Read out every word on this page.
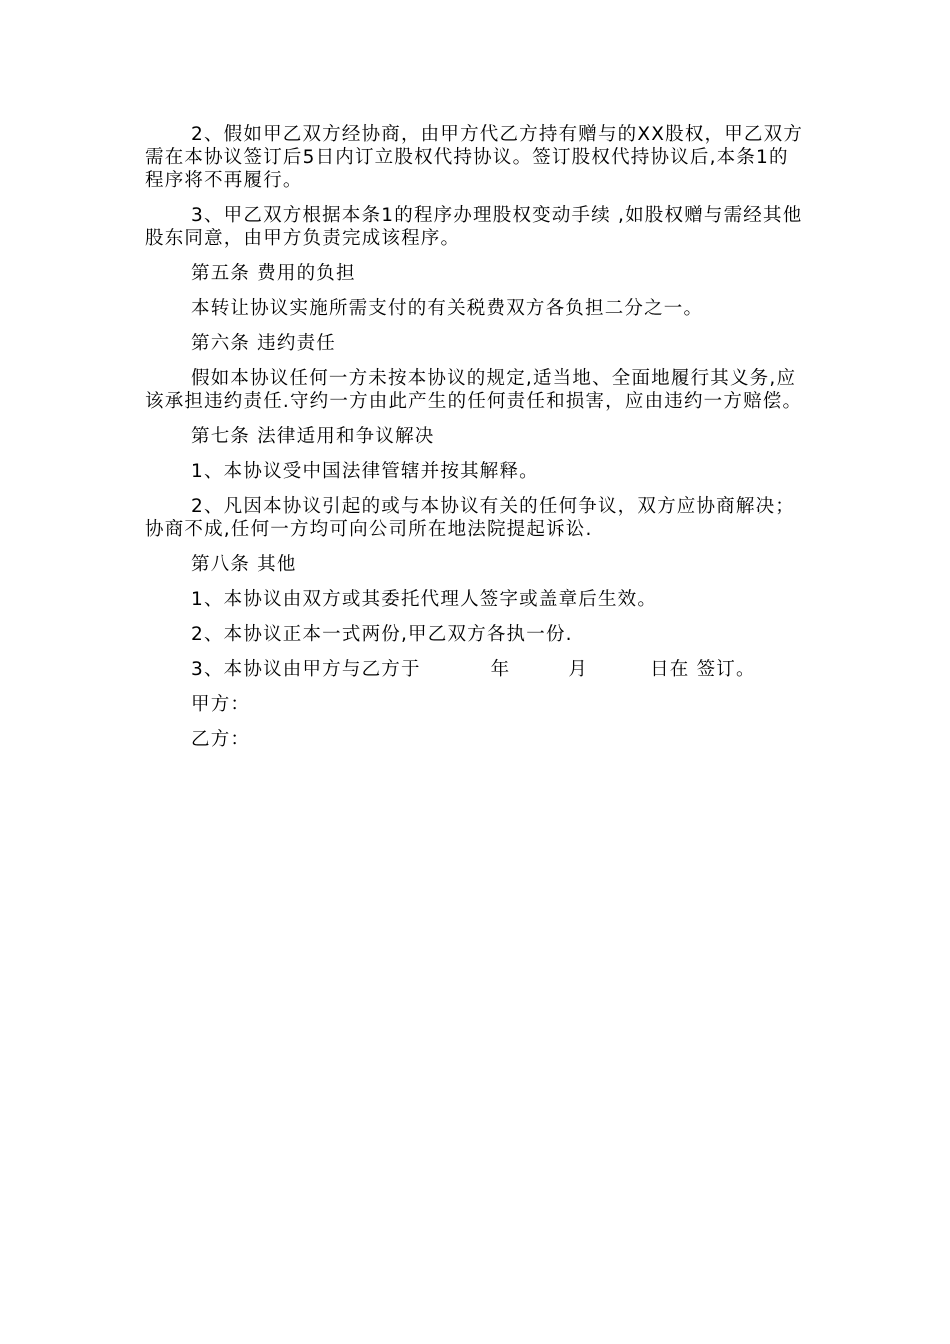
2、假如甲乙双方经协商，由甲方代乙方持有赠与的XX股权，甲乙双方需在本协议签订后5日内订立股权代持协议。签订股权代持协议后,本条1的程序将不再履行。

3、甲乙双方根据本条1的程序办理股权变动手续 ,如股权赠与需经其他股东同意，由甲方负责完成该程序。

第五条 费用的负担

本转让协议实施所需支付的有关税费双方各负担二分之一。

第六条 违约责任

假如本协议任何一方未按本协议的规定,适当地、全面地履行其义务,应该承担违约责任.守约一方由此产生的任何责任和损害，应由违约一方赔偿。

第七条 法律适用和争议解决

1、本协议受中国法律管辖并按其解释。

2、凡因本协议引起的或与本协议有关的任何争议，双方应协商解决；协商不成,任何一方均可向公司所在地法院提起诉讼.

第八条 其他

1、本协议由双方或其委托代理人签字或盖章后生效。

2、本协议正本一式两份,甲乙双方各执一份.

3、本协议由甲方与乙方于	年	月	日在 签订。

甲方：

乙方：
